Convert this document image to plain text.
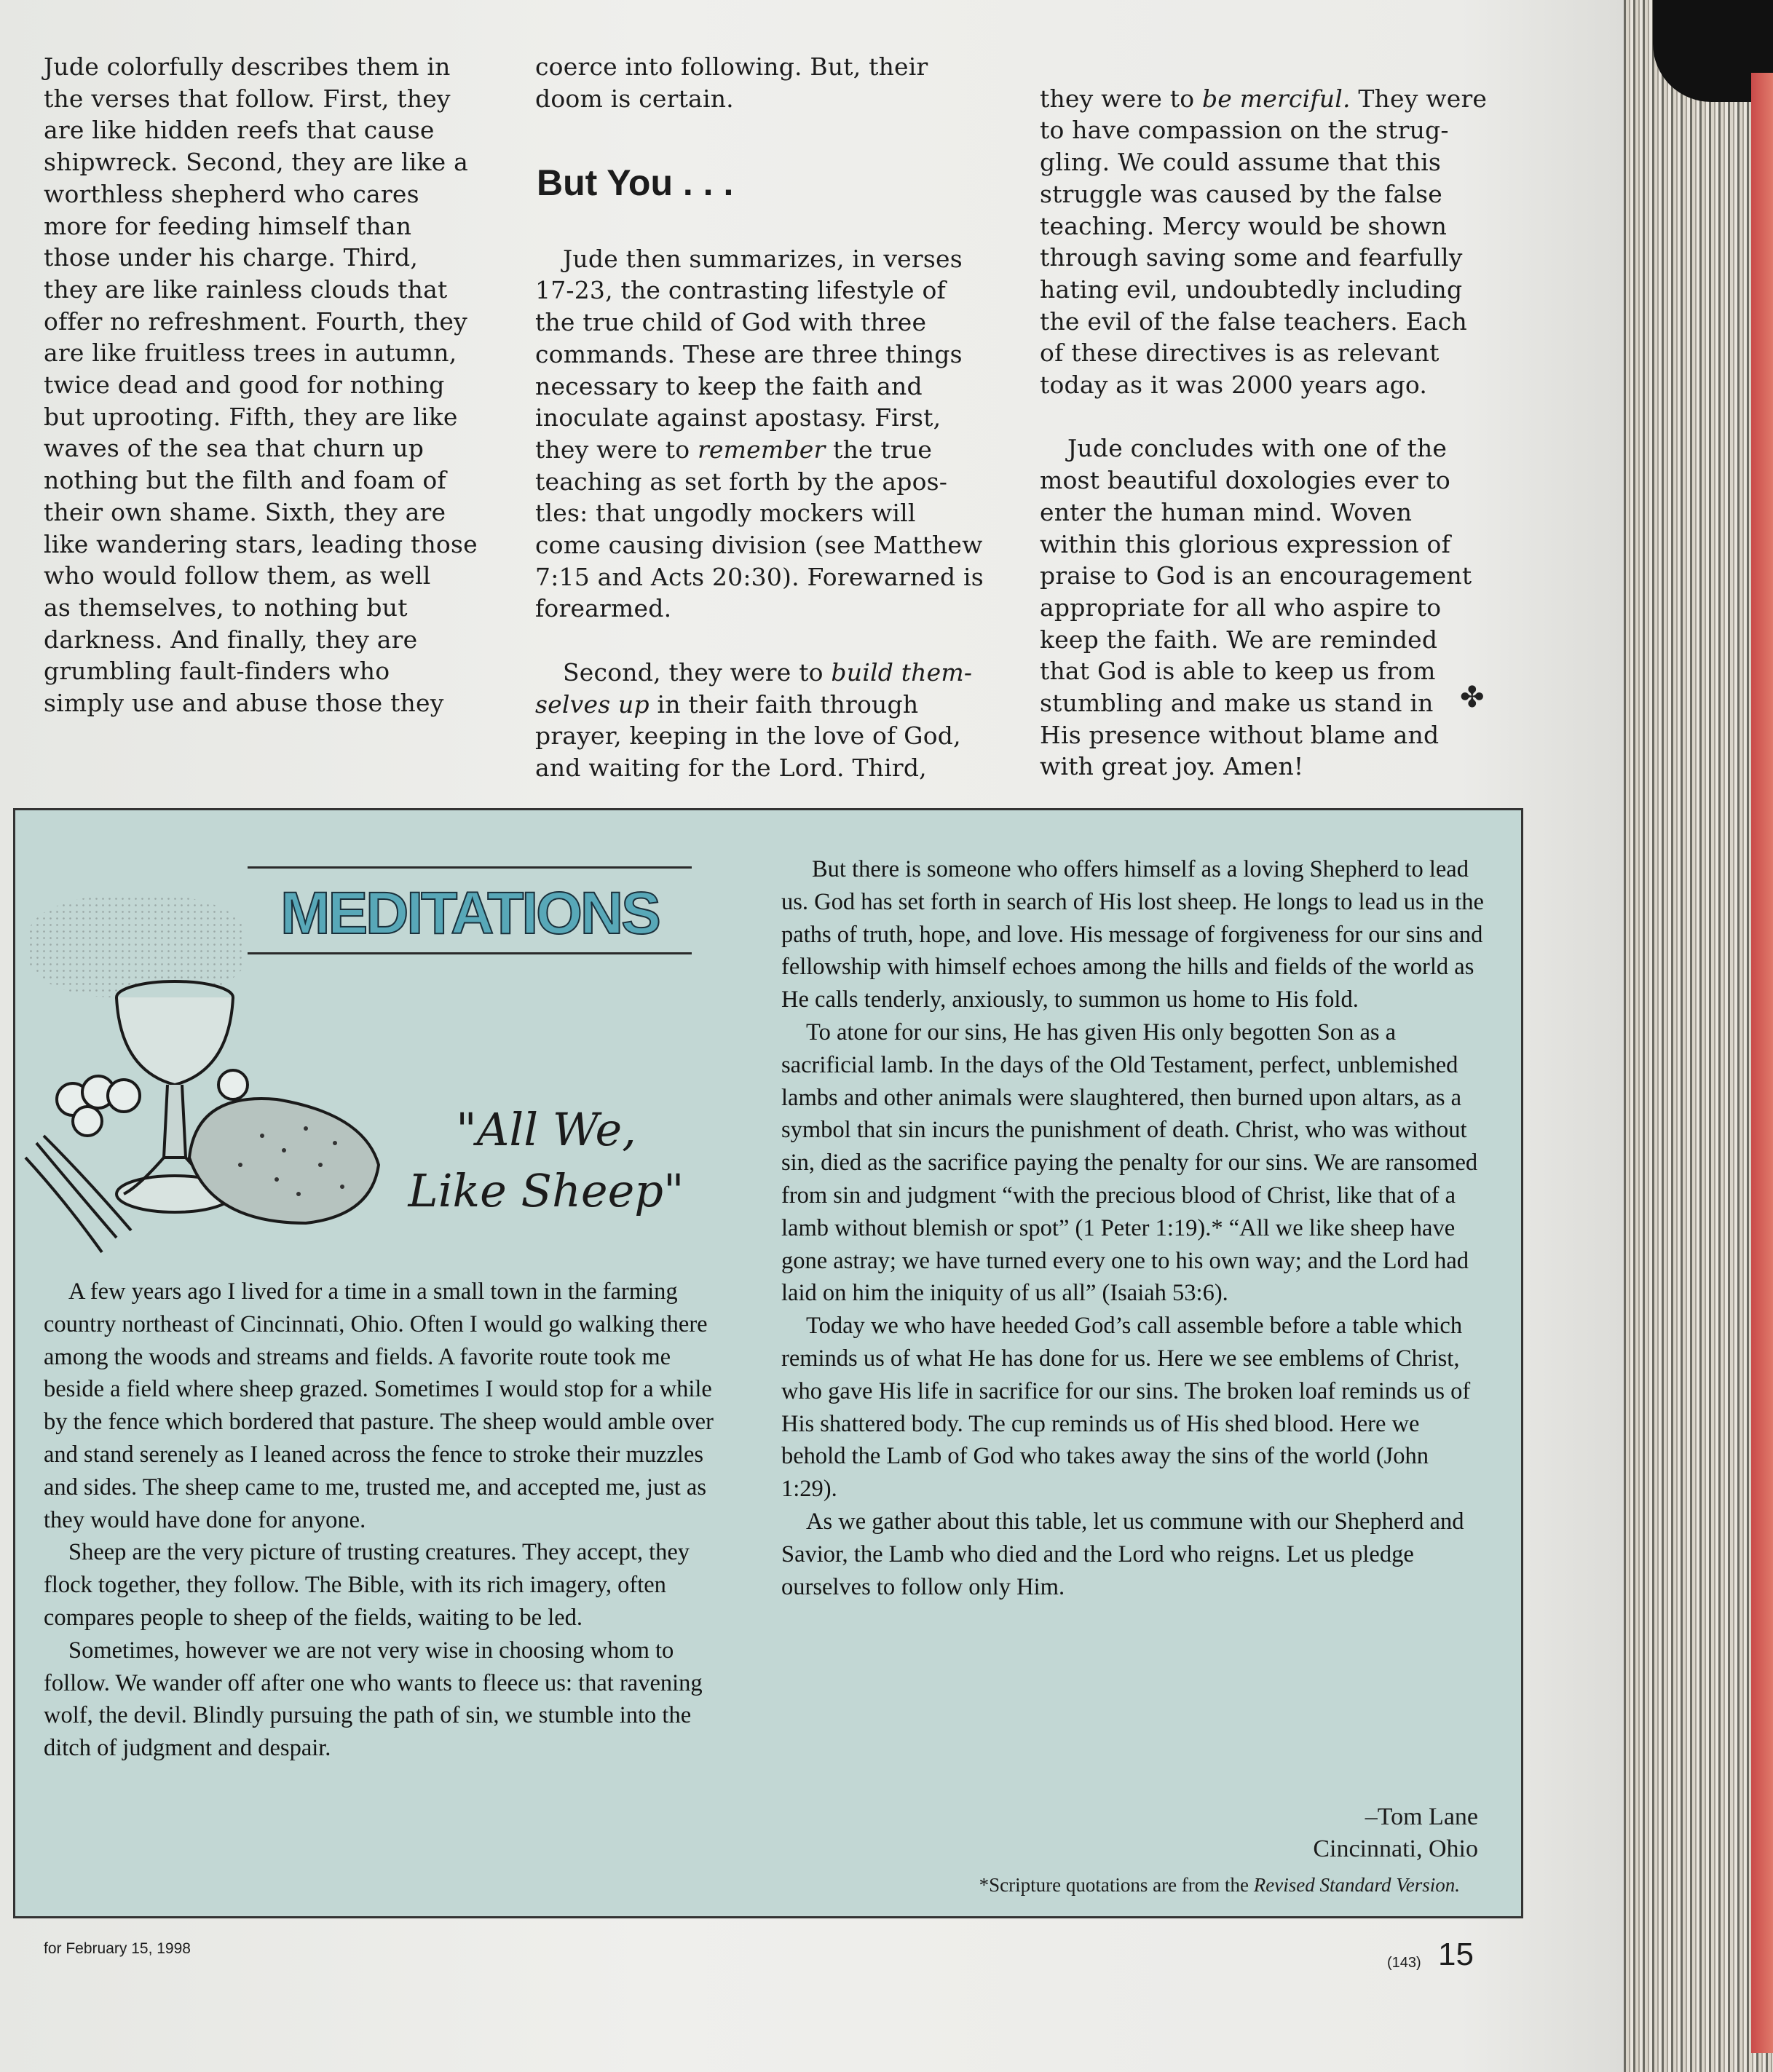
Jude colorfully describes them in
the verses that follow. First, they
are like hidden reefs that cause
shipwreck. Second, they are like a
worthless shepherd who cares
more for feeding himself than
those under his charge. Third,
they are like rainless clouds that
offer no refreshment. Fourth, they
are like fruitless trees in autumn,
twice dead and good for nothing
but uprooting. Fifth, they are like
waves of the sea that churn up
nothing but the filth and foam of
their own shame. Sixth, they are
like wandering stars, leading those
who would follow them, as well
as themselves, to nothing but
darkness. And finally, they are
grumbling fault-finders who
simply use and abuse those they
coerce into following. But, their
doom is certain.
But You . . .

Jude then summarizes, in verses
17-23, the contrasting lifestyle of
the true child of God with three
commands. These are three things
necessary to keep the faith and
inoculate against apostasy. First,
they were to remember the true
teaching as set forth by the apos-
tles: that ungodly mockers will
come causing division (see Matthew
7:15 and Acts 20:30). Forewarned is
forearmed.

Second, they were to build them-
selves up in their faith through
prayer, keeping in the love of God,
and waiting for the Lord. Third,

they were to be merciful. They were
to have compassion on the strug-
gling. We could assume that this
struggle was caused by the false
teaching. Mercy would be shown
through saving some and fearfully
hating evil, undoubtedly including
the evil of the false teachers. Each
of these directives is as relevant
today as it was 2000 years ago.

Jude concludes with one of the
most beautiful doxologies ever to
enter the human mind. Woven
within this glorious expression of
praise to God is an encouragement
appropriate for all who aspire to
keep the faith. We are reminded
that God is able to keep us from
stumbling and make us stand in
His presence without blame and
with great joy. Amen!

✤
MEDITATIONS
"All We,
Like Sheep"

A few years ago I lived for a time in a small town in the farming country northeast of Cincinnati, Ohio. Often I would go walking there among the woods and streams and fields. A favorite route took me beside a field where sheep grazed. Sometimes I would stop for a while by the fence which bordered that pasture. The sheep would amble over and stand serenely as I leaned across the fence to stroke their muzzles and sides. The sheep came to me, trusted me, and accepted me, just as they would have done for anyone.

Sheep are the very picture of trusting creatures. They accept, they flock together, they follow. The Bible, with its rich imagery, often compares people to sheep of the fields, waiting to be led.

Sometimes, however we are not very wise in choosing whom to follow. We wander off after one who wants to fleece us: that ravening wolf, the devil. Blindly pursuing the path of sin, we stumble into the ditch of judgment and despair.

But there is someone who offers himself as a loving Shepherd to lead us. God has set forth in search of His lost sheep. He longs to lead us in the paths of truth, hope, and love. His message of forgiveness for our sins and fellowship with himself echoes among the hills and fields of the world as He calls tenderly, anxiously, to summon us home to His fold.

To atone for our sins, He has given His only begotten Son as a sacrificial lamb. In the days of the Old Testament, perfect, unblemished lambs and other animals were slaughtered, then burned upon altars, as a symbol that sin incurs the punishment of death. Christ, who was without sin, died as the sacrifice paying the penalty for our sins. We are ransomed from sin and judgment “with the precious blood of Christ, like that of a lamb without blemish or spot” (1 Peter 1:19).* “All we like sheep have gone astray; we have turned every one to his own way; and the Lord had laid on him the iniquity of us all” (Isaiah 53:6).

Today we who have heeded God’s call assemble before a table which reminds us of what He has done for us. Here we see emblems of Christ, who gave His life in sacrifice for our sins. The broken loaf reminds us of His shattered body. The cup reminds us of His shed blood. Here we behold the Lamb of God who takes away the sins of the world (John 1:29).

As we gather about this table, let us commune with our Shepherd and Savior, the Lamb who died and the Lord who reigns. Let us pledge ourselves to follow only Him.

–Tom Lane
Cincinnati, Ohio
*Scripture quotations are from the Revised Standard Version.
for February 15, 1998
(143) 15
